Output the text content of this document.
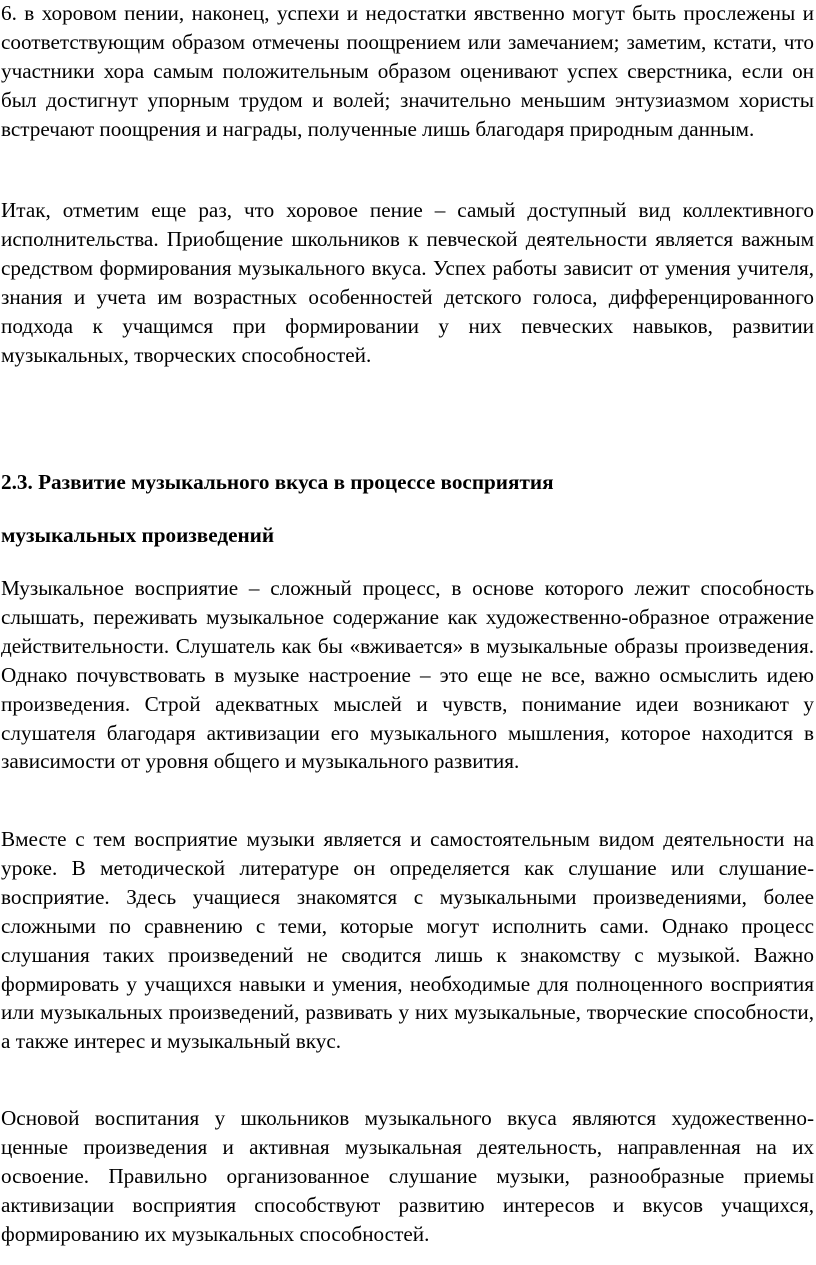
6. в хоровом пении, наконец, успехи и недостатки явственно могут быть прослежены и соответствующим образом отмечены поощрением или замечанием; заметим, кстати, что участники хора самым положительным образом оценивают успех сверстника, если он был достигнут упорным трудом и волей; значительно меньшим энтузиазмом хористы встречают поощрения и награды, полученные лишь благодаря природным данным.

Итак, отметим еще раз, что хоровое пение – самый доступный вид коллективного исполнительства. Приобщение школьников к певческой деятельности является важным средством формирования музыкального вкуса. Успех работы зависит от умения учителя, знания и учета им возрастных особенностей детского голоса, дифференцированного подхода к учащимся при формировании у них певческих навыков, развитии музыкальных, творческих способностей.

2.3. Развитие музыкального вкуса в процессе восприятия

музыкальных произведений

Музыкальное восприятие – сложный процесс, в основе которого лежит способность слышать, переживать музыкальное содержание как художественно-образное отражение действительности. Слушатель как бы «вживается» в музыкальные образы произведения. Однако почувствовать в музыке настроение – это еще не все, важно осмыслить идею произведения. Строй адекватных мыслей и чувств, понимание идеи возникают у слушателя благодаря активизации его музыкального мышления, которое находится в зависимости от уровня общего и музыкального развития.

Вместе с тем восприятие музыки является и самостоятельным видом деятельности на уроке. В методической литературе он определяется как слушание или слушание-восприятие. Здесь учащиеся знакомятся с музыкальными произведениями, более сложными по сравнению с теми, которые могут исполнить сами. Однако процесс слушания таких произведений не сводится лишь к знакомству с музыкой. Важно формировать у учащихся навыки и умения, необходимые для полноценного восприятия или музыкальных произведений, развивать у них музыкальные, творческие способности, а также интерес и музыкальный вкус.

Основой воспитания у школьников музыкального вкуса являются художественно- ценные произведения и активная музыкальная деятельность, направленная на их освоение. Правильно организованное слушание музыки, разнообразные приемы активизации восприятия способствуют развитию интересов и вкусов учащихся, формированию их музыкальных способностей.
